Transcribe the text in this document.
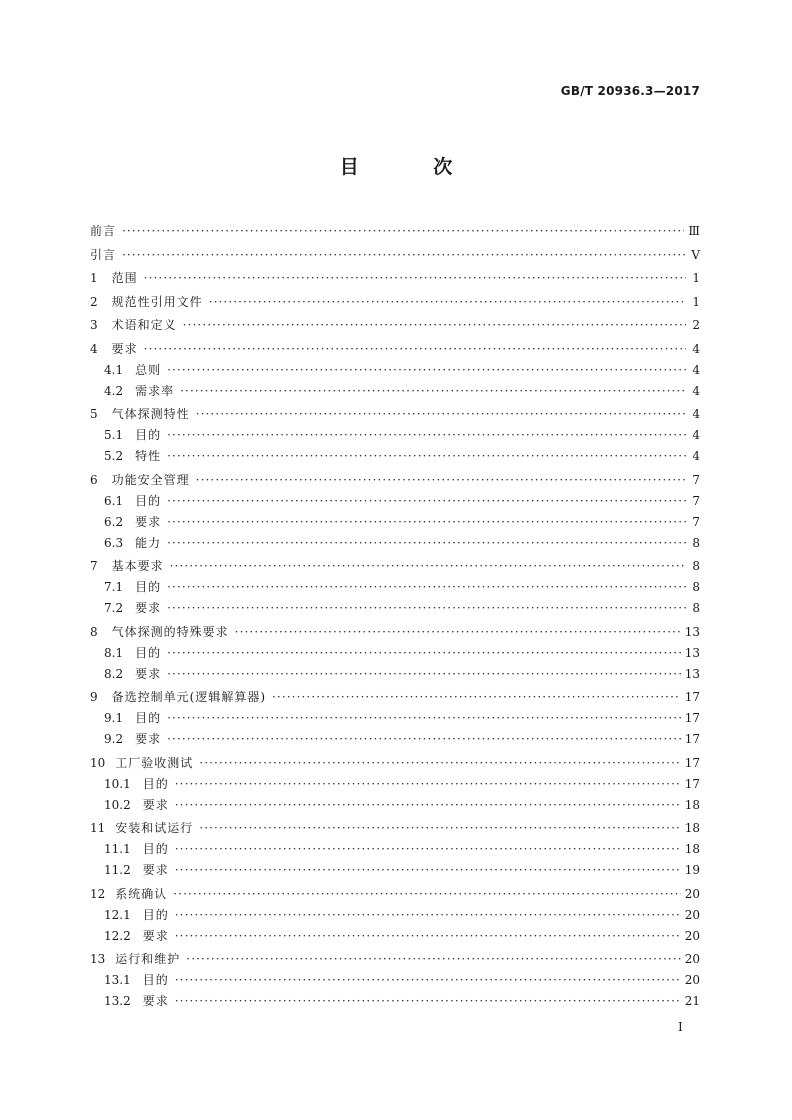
GB/T 20936.3—2017
目 次
前言 ·····	Ⅲ
引言 ·····	Ⅴ
1 范围 ·····	1
2 规范性引用文件 ·····	1
3 术语和定义 ·····	2
4 要求 ·····	4
4.1 总则 ·····	4
4.2 需求率 ·····	4
5 气体探测特性 ·····	4
5.1 目的 ·····	4
5.2 特性 ·····	4
6 功能安全管理 ·····	7
6.1 目的 ·····	7
6.2 要求 ·····	7
6.3 能力 ·····	8
7 基本要求 ·····	8
7.1 目的 ·····	8
7.2 要求 ·····	8
8 气体探测的特殊要求 ·····	13
8.1 目的 ·····	13
8.2 要求 ·····	13
9 备选控制单元(逻辑解算器) ·····	17
9.1 目的 ·····	17
9.2 要求 ·····	17
10 工厂验收测试 ·····	17
10.1 目的 ·····	17
10.2 要求 ·····	18
11 安装和试运行 ·····	18
11.1 目的 ·····	18
11.2 要求 ·····	19
12 系统确认 ·····	20
12.1 目的 ·····	20
12.2 要求 ·····	20
13 运行和维护 ·····	20
13.1 目的 ·····	20
13.2 要求 ·····	21
I
